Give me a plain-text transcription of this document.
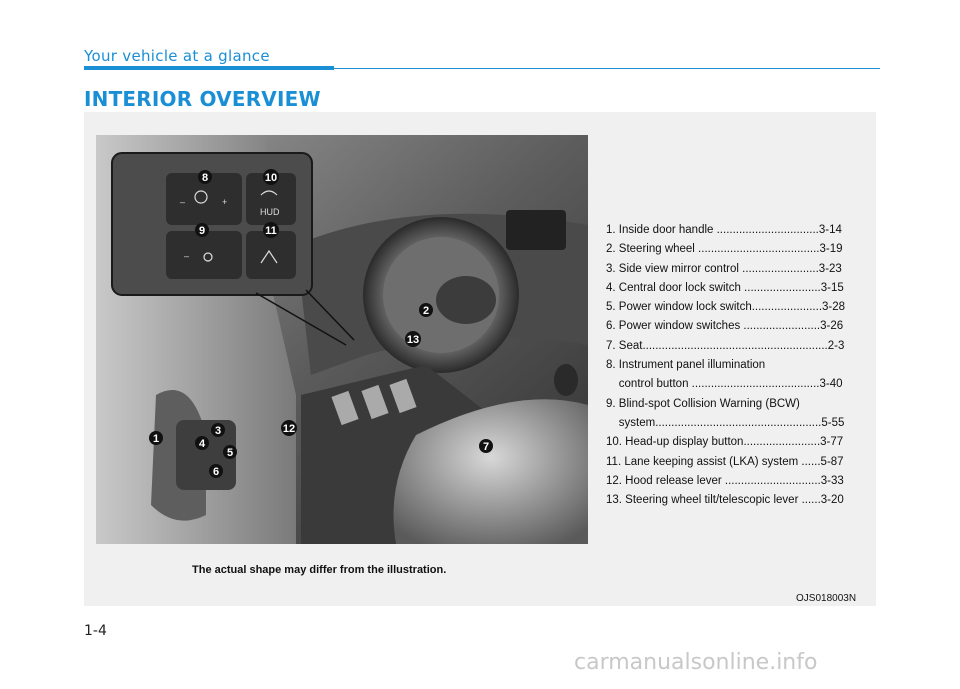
Your vehicle at a glance
INTERIOR OVERVIEW
–	+
HUD
–
1
2
3
4
5
6
7
8
9
10
11
12
13
1. Inside door handle ................................3-14
2. Steering wheel ......................................3-19
3. Side view mirror control ........................3-23
4. Central door lock switch ........................3-15
5. Power window lock switch......................3-28
6. Power window switches ........................3-26
7. Seat..........................................................2-3
8. Instrument panel illumination
control button ........................................3-40
9. Blind-spot Collision Warning (BCW)
system....................................................5-55
10. Head-up display button........................3-77
11. Lane keeping assist (LKA) system ......5-87
12. Hood release lever ..............................3-33
13. Steering wheel tilt/telescopic lever ......3-20
The actual shape may differ from the illustration.
OJS018003N
1-4
carmanualsonline.info
